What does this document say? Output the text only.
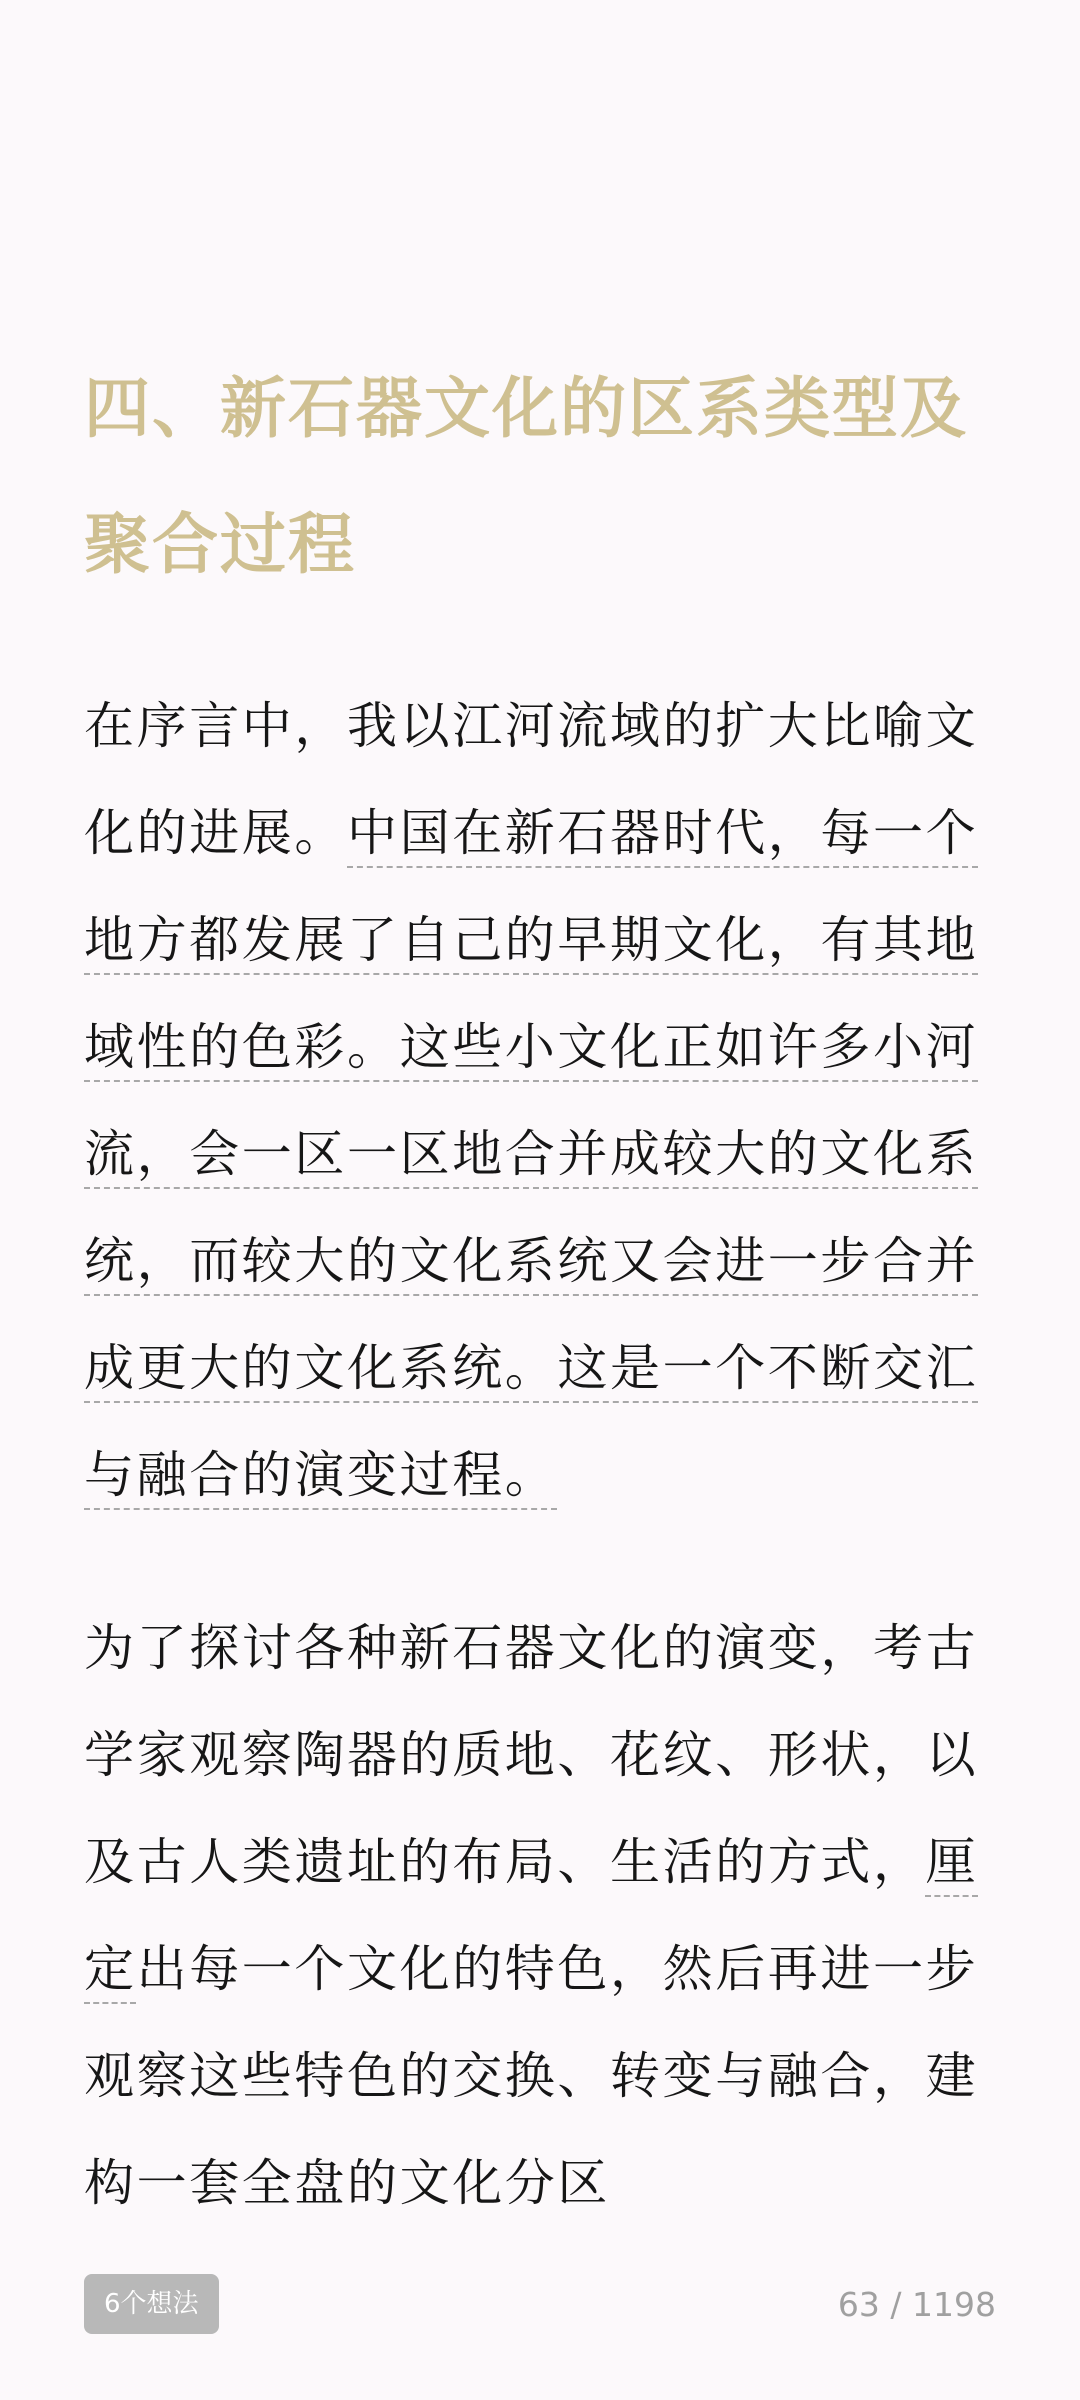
四、新石器文化的区系类型及聚合过程

在序言中，我以江河流域的扩大比喻文化的进展。中国在新石器时代，每一个地方都发展了自己的早期文化，有其地域性的色彩。这些小文化正如许多小河流，会一区一区地合并成较大的文化系统，而较大的文化系统又会进一步合并成更大的文化系统。这是一个不断交汇与融合的演变过程。

为了探讨各种新石器文化的演变，考古学家观察陶器的质地、花纹、形状，以及古人类遗址的布局、生活的方式，厘定出每一个文化的特色，然后再进一步观察这些特色的交换、转变与融合，建构一套全盘的文化分区

6个想法	63 / 1198
